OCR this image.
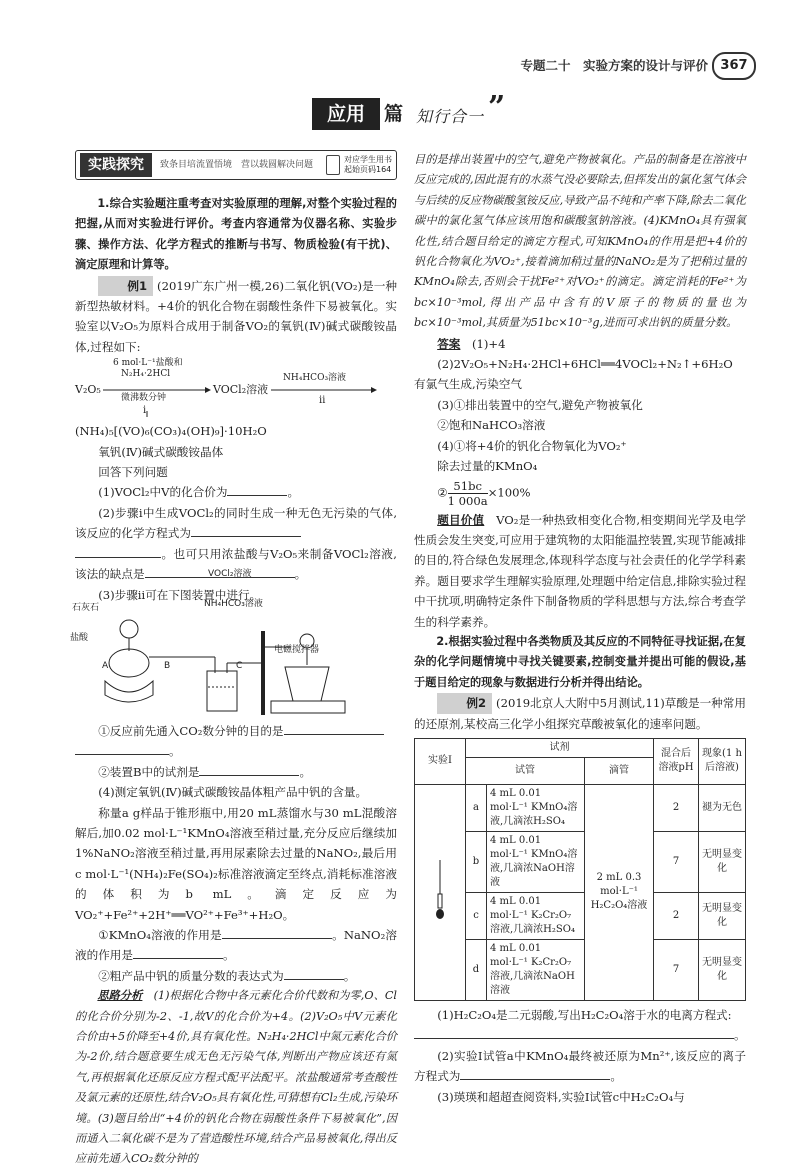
专题二十　实验方案的设计与评价 367
应用	篇 知行合一 ”
实践探究	致条目培流置悟境　营以载圆解决问题
对应学生用书
起始页码164

1.综合实验题注重考查对实验原理的理解,对整个实验过程的把握,从而对实验进行评价。考查内容通常为仪器名称、实验步骤、操作方法、化学方程式的推断与书写、物质检验(有干扰)、滴定原理和计算等。

例1 (2019广东广州一模,26)二氧化钒(VO₂)是一种新型热敏材料。+4价的钒化合物在弱酸性条件下易被氧化。实验室以V₂O₅为原料合成用于制备VO₂的氧钒(Ⅳ)碱式碳酸铵晶体,过程如下:

V₂O₅
6 mol·L⁻¹盐酸和
N₂H₄·2HCl
微沸数分钟
VOCl₂溶液
NH₄HCO₃溶液
ⅱ
ⅰ

(NH₄)₅[(VO)₆(CO₃)₄(OH)₉]·10H₂O

氧钒(Ⅳ)碱式碳酸铵晶体

回答下列问题

(1)VOCl₂中V的化合价为	。

(2)步骤ⅰ中生成VOCl₂的同时生成一种无色无污染的气体,该反应的化学方程式为

。也可只用浓盐酸与V₂O₅来制备VOCl₂溶液,该法的缺点是	。

(3)步骤ⅱ可在下图装置中进行。

①反应前先通入CO₂数分钟的目的是

。

②装置B中的试剂是	。

(4)测定氧钒(Ⅳ)碱式碳酸铵晶体粗产品中钒的含量。

称量a g样品于锥形瓶中,用20 mL蒸馏水与30 mL混酸溶解后,加0.02 mol·L⁻¹KMnO₄溶液至稍过量,充分反应后继续加1%NaNO₂溶液至稍过量,再用尿素除去过量的NaNO₂,最后用c mol·L⁻¹(NH₄)₂Fe(SO₄)₂标准溶液滴定至终点,消耗标准溶液的体积为b mL。滴定反应为VO₂⁺+Fe²⁺+2H⁺══VO²⁺+Fe³⁺+H₂O。

①KMnO₄溶液的作用是	。NaNO₂溶液的作用是	。

②粗产品中钒的质量分数的表达式为	。

思路分析　 (1)根据化合物中各元素化合价代数和为零,O、Cl的化合价分别为-2、-1,故V的化合价为+4。(2)V₂O₅中V元素化合价由+5价降至+4价,具有氧化性。N₂H₄·2HCl中氮元素化合价为-2价,结合题意要生成无色无污染气体,判断出产物应该还有氮气,再根据氧化还原反应方程式配平法配平。浓盐酸通常考查酸性及氯元素的还原性,结合V₂O₅具有氧化性,可猜想有Cl₂生成,污染环境。(3)题目给出“+4价的钒化合物在弱酸性条件下易被氧化”,因而通入二氧化碳不是为了营造酸性环境,结合产品易被氧化,得出反应前先通入CO₂数分钟的

VOCl₂溶液
NH₄HCO₃溶液
石灰石
盐酸
电磁搅拌器
A	B	C

目的是排出装置中的空气,避免产物被氧化。产品的制备是在溶液中反应完成的,因此混有的水蒸气没必要除去,但挥发出的氯化氢气体会与后续的反应物碳酸氢铵反应,导致产品不纯和产率下降,除去二氧化碳中的氯化氢气体应该用饱和碳酸氢钠溶液。(4)KMnO₄具有强氧化性,结合题目给定的滴定方程式,可知KMnO₄的作用是把+4价的钒化合物氧化为VO₂⁺,接着滴加稍过量的NaNO₂是为了把稍过量的KMnO₄除去,否则会干扰Fe²⁺对VO₂⁺的滴定。滴定消耗的Fe²⁺为bc×10⁻³mol,得出产品中含有的V原子的物质的量也为bc×10⁻³mol,其质量为51bc×10⁻³g,进而可求出钒的质量分数。

答案　 (1)+4

(2)2V₂O₅+N₂H₄·2HCl+6HCl══4VOCl₂+N₂↑+6H₂O

有氯气生成,污染空气

(3)①排出装置中的空气,避免产物被氧化

②饱和NaHCO₃溶液

(4)①将+4价的钒化合物氧化为VO₂⁺

除去过量的KMnO₄

② $\frac{51bc}{1 000a} \times 100\%$

题目价值　 VO₂是一种热致相变化合物,相变期间光学及电学性质会发生突变,可应用于建筑物的太阳能温控装置,实现节能减排的目的,符合绿色发展理念,体现科学态度与社会责任的化学学科素养。题目要求学生理解实验原理,处理题中给定信息,排除实验过程中干扰项,明确特定条件下制备物质的学科思想与方法,综合考查学生的科学素养。

2.根据实验过程中各类物质及其反应的不同特征寻找证据,在复杂的化学问题情境中寻找关键要素,控制变量并提出可能的假设,基于题目给定的现象与数据进行分析并得出结论。

例2 (2019北京人大附中5月测试,11)草酸是一种常用的还原剂,某校高三化学小组探究草酸被氧化的速率问题。

实验Ⅰ	试剂			混合后溶液pH	现象(1 h后溶液)
	试管		滴管		
	a	4 mL 0.01 mol·L⁻¹ KMnO₄溶液,几滴浓H₂SO₄	2 mL 0.3 mol·L⁻¹ H₂C₂O₄溶液	2	褪为无色
	b	4 mL 0.01 mol·L⁻¹ KMnO₄溶液,几滴浓NaOH溶液		7	无明显变化
	c	4 mL 0.01 mol·L⁻¹ K₂Cr₂O₇溶液,几滴浓H₂SO₄		2	无明显变化
	d	4 mL 0.01 mol·L⁻¹ K₂Cr₂O₇溶液,几滴浓NaOH溶液		7	无明显变化

(1)H₂C₂O₄是二元弱酸,写出H₂C₂O₄溶于水的电离方程式:

。

(2)实验Ⅰ试管a中KMnO₄最终被还原为Mn²⁺,该反应的离子方程式为	。

(3)瑛瑛和超超查阅资料,实验Ⅰ试管c中H₂C₂O₄与
